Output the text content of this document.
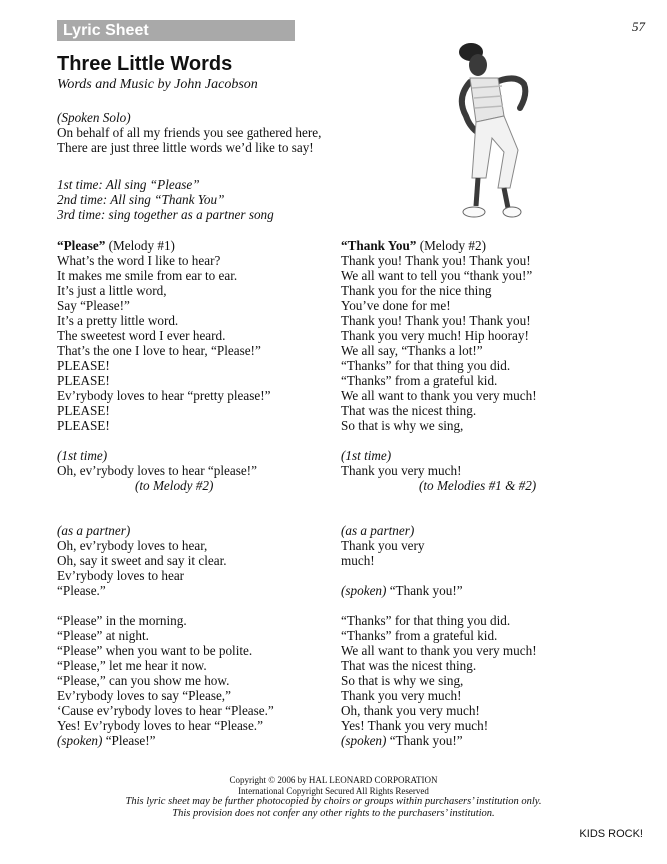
Lyric Sheet	57
Three Little Words
Words and Music by John Jacobson
(Spoken Solo)
On behalf of all my friends you see gathered here,
There are just three little words we’d like to say!
1st time: All sing “Please”
2nd time: All sing “Thank You”
3rd time: sing together as a partner song
“Please” (Melody #1)
What’s the word I like to hear?
It makes me smile from ear to ear.
It’s just a little word,
Say “Please!”
It’s a pretty little word.
The sweetest word I ever heard.
That’s the one I love to hear, “Please!”
PLEASE!
PLEASE!
Ev’rybody loves to hear “pretty please!”
PLEASE!
PLEASE!
(1st time)
Oh, ev’rybody loves to hear “please!”
(to Melody #2)
(as a partner)
Oh, ev’rybody loves to hear,
Oh, say it sweet and say it clear.
Ev’rybody loves to hear
“Please.”
“Please” in the morning.
“Please” at night.
“Please” when you want to be polite.
“Please,” let me hear it now.
“Please,” can you show me how.
Ev’rybody loves to say “Please,”
‘Cause ev’rybody loves to hear “Please.”
Yes! Ev’rybody loves to hear “Please.”
(spoken) “Please!”
“Thank You” (Melody #2)
Thank you! Thank you! Thank you!
We all want to tell you “thank you!”
Thank you for the nice thing
You’ve done for me!
Thank you! Thank you! Thank you!
Thank you very much! Hip hooray!
We all say, “Thanks a lot!”
“Thanks” for that thing you did.
“Thanks” from a grateful kid.
We all want to thank you very much!
That was the nicest thing.
So that is why we sing,
(1st time)
Thank you very much!
(to Melodies #1 & #2)
(as a partner)
Thank you very
much!
(spoken) “Thank you!”
“Thanks” for that thing you did.
“Thanks” from a grateful kid.
We all want to thank you very much!
That was the nicest thing.
So that is why we sing,
Thank you very much!
Oh, thank you very much!
Yes! Thank you very much!
(spoken) “Thank you!”
Copyright © 2006 by HAL LEONARD CORPORATION
International Copyright Secured All Rights Reserved
This lyric sheet may be further photocopied by choirs or groups within purchasers’ institution only.
This provision does not confer any other rights to the purchasers’ institution.
KIDS ROCK!
